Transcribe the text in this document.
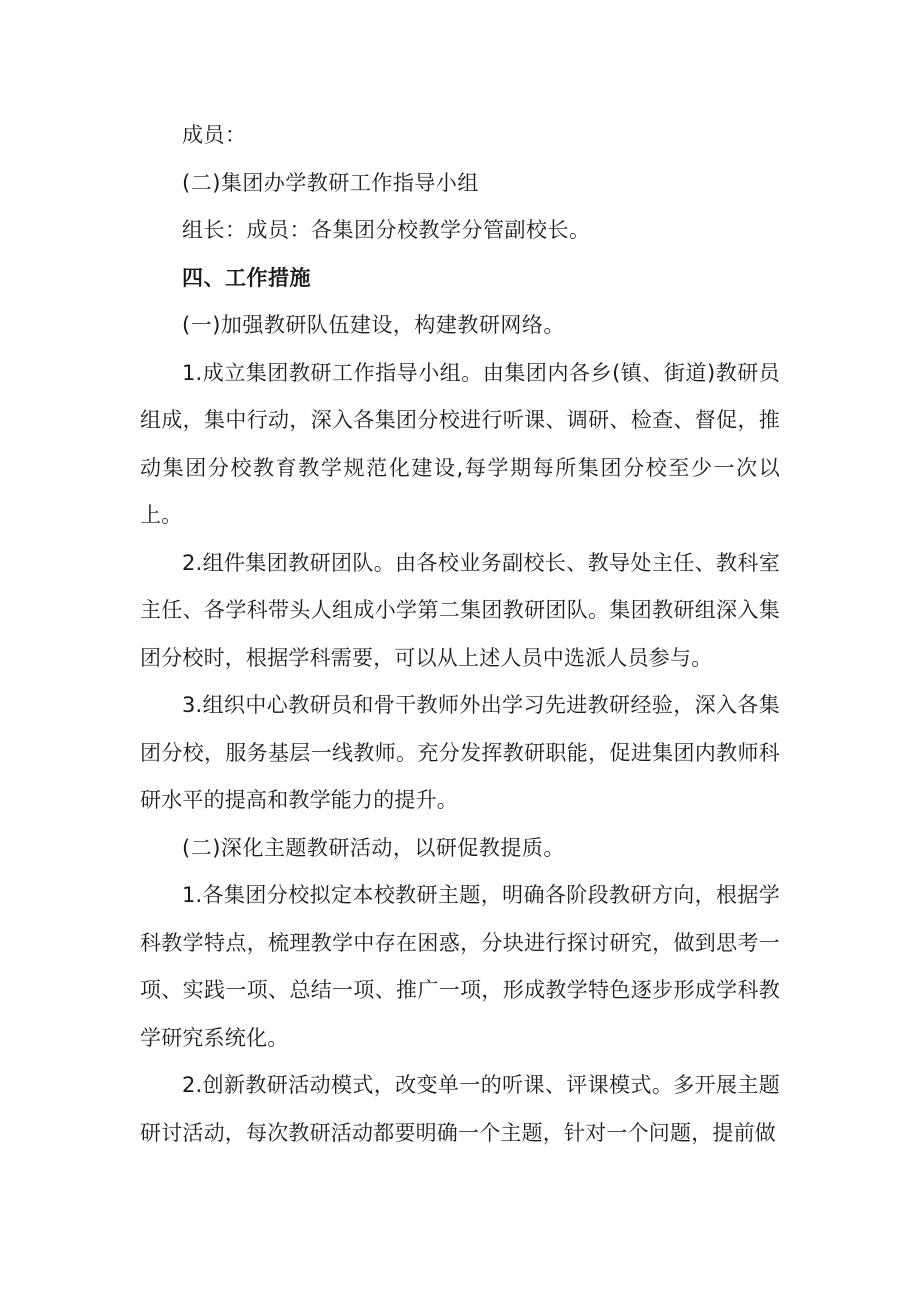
成员：

(二)集团办学教研工作指导小组

组长：成员：各集团分校教学分管副校长。

四、工作措施

(一)加强教研队伍建设，构建教研网络。

1.成立集团教研工作指导小组。由集团内各乡(镇、街道)教研员组成，集中行动，深入各集团分校进行听课、调研、检查、督促，推动集团分校教育教学规范化建设,每学期每所集团分校至少一次以上。

2.组件集团教研团队。由各校业务副校长、教导处主任、教科室主任、各学科带头人组成小学第二集团教研团队。集团教研组深入集团分校时，根据学科需要，可以从上述人员中选派人员参与。

3.组织中心教研员和骨干教师外出学习先进教研经验，深入各集团分校，服务基层一线教师。充分发挥教研职能，促进集团内教师科研水平的提高和教学能力的提升。

(二)深化主题教研活动，以研促教提质。

1.各集团分校拟定本校教研主题，明确各阶段教研方向，根据学科教学特点，梳理教学中存在困惑，分块进行探讨研究，做到思考一项、实践一项、总结一项、推广一项，形成教学特色逐步形成学科教学研究系统化。

2.创新教研活动模式，改变单一的听课、评课模式。多开展主题研讨活动，每次教研活动都要明确一个主题，针对一个问题，提前做
